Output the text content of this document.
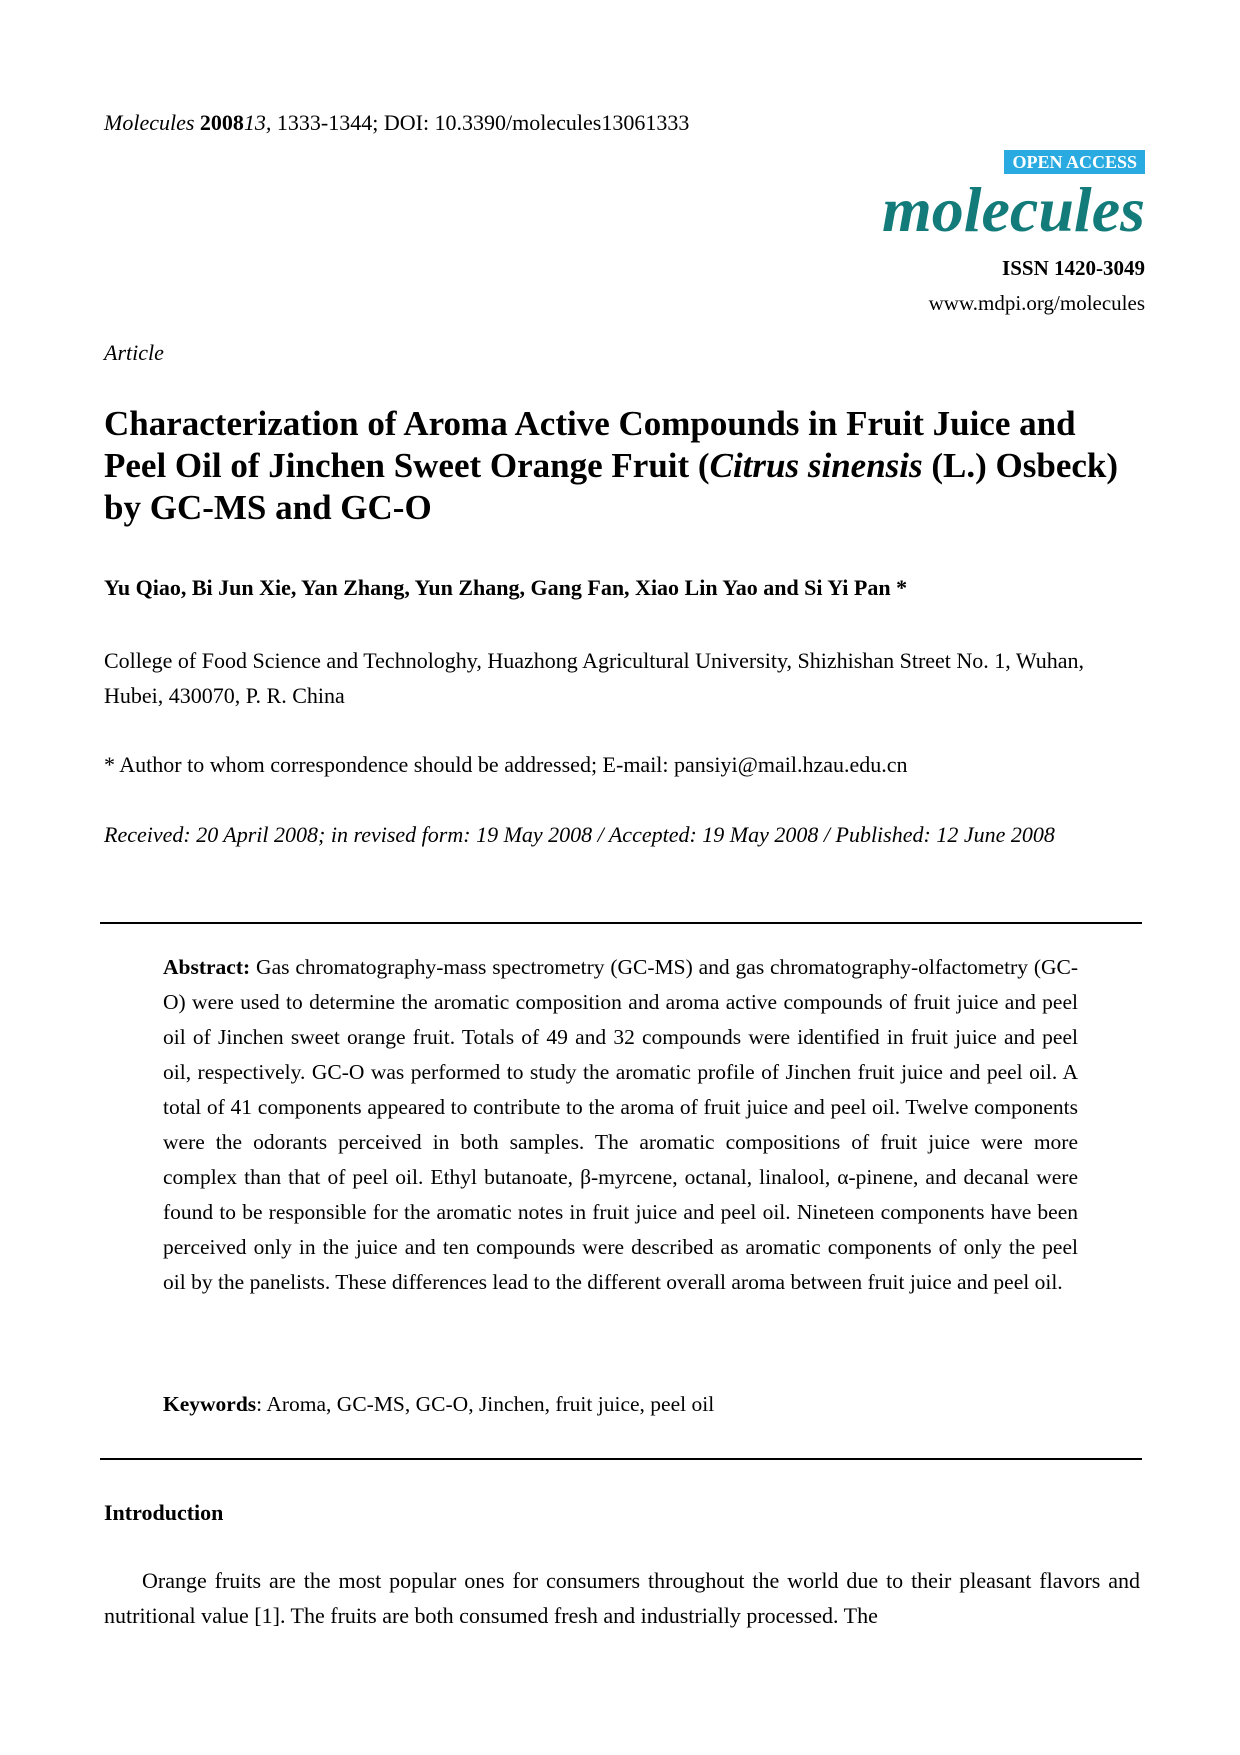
Molecules 200813, 1333-1344; DOI: 10.3390/molecules13061333
OPEN ACCESS
molecules
ISSN 1420-3049
www.mdpi.org/molecules
Article
Characterization of Aroma Active Compounds in Fruit Juice and Peel Oil of Jinchen Sweet Orange Fruit (Citrus sinensis (L.) Osbeck) by GC-MS and GC-O
Yu Qiao, Bi Jun Xie, Yan Zhang, Yun Zhang, Gang Fan, Xiao Lin Yao and Si Yi Pan *
College of Food Science and Technologhy, Huazhong Agricultural University, Shizhishan Street No. 1, Wuhan, Hubei, 430070, P. R. China
* Author to whom correspondence should be addressed; E-mail: pansiyi@mail.hzau.edu.cn
Received: 20 April 2008; in revised form: 19 May 2008 / Accepted: 19 May 2008 / Published: 12 June 2008
Abstract: Gas chromatography-mass spectrometry (GC-MS) and gas chromatography-olfactometry (GC-O) were used to determine the aromatic composition and aroma active compounds of fruit juice and peel oil of Jinchen sweet orange fruit. Totals of 49 and 32 compounds were identified in fruit juice and peel oil, respectively. GC-O was performed to study the aromatic profile of Jinchen fruit juice and peel oil. A total of 41 components appeared to contribute to the aroma of fruit juice and peel oil. Twelve components were the odorants perceived in both samples. The aromatic compositions of fruit juice were more complex than that of peel oil. Ethyl butanoate, β-myrcene, octanal, linalool, α-pinene, and decanal were found to be responsible for the aromatic notes in fruit juice and peel oil. Nineteen components have been perceived only in the juice and ten compounds were described as aromatic components of only the peel oil by the panelists. These differences lead to the different overall aroma between fruit juice and peel oil.
Keywords: Aroma, GC-MS, GC-O, Jinchen, fruit juice, peel oil
Introduction
Orange fruits are the most popular ones for consumers throughout the world due to their pleasant flavors and nutritional value [1]. The fruits are both consumed fresh and industrially processed. The
